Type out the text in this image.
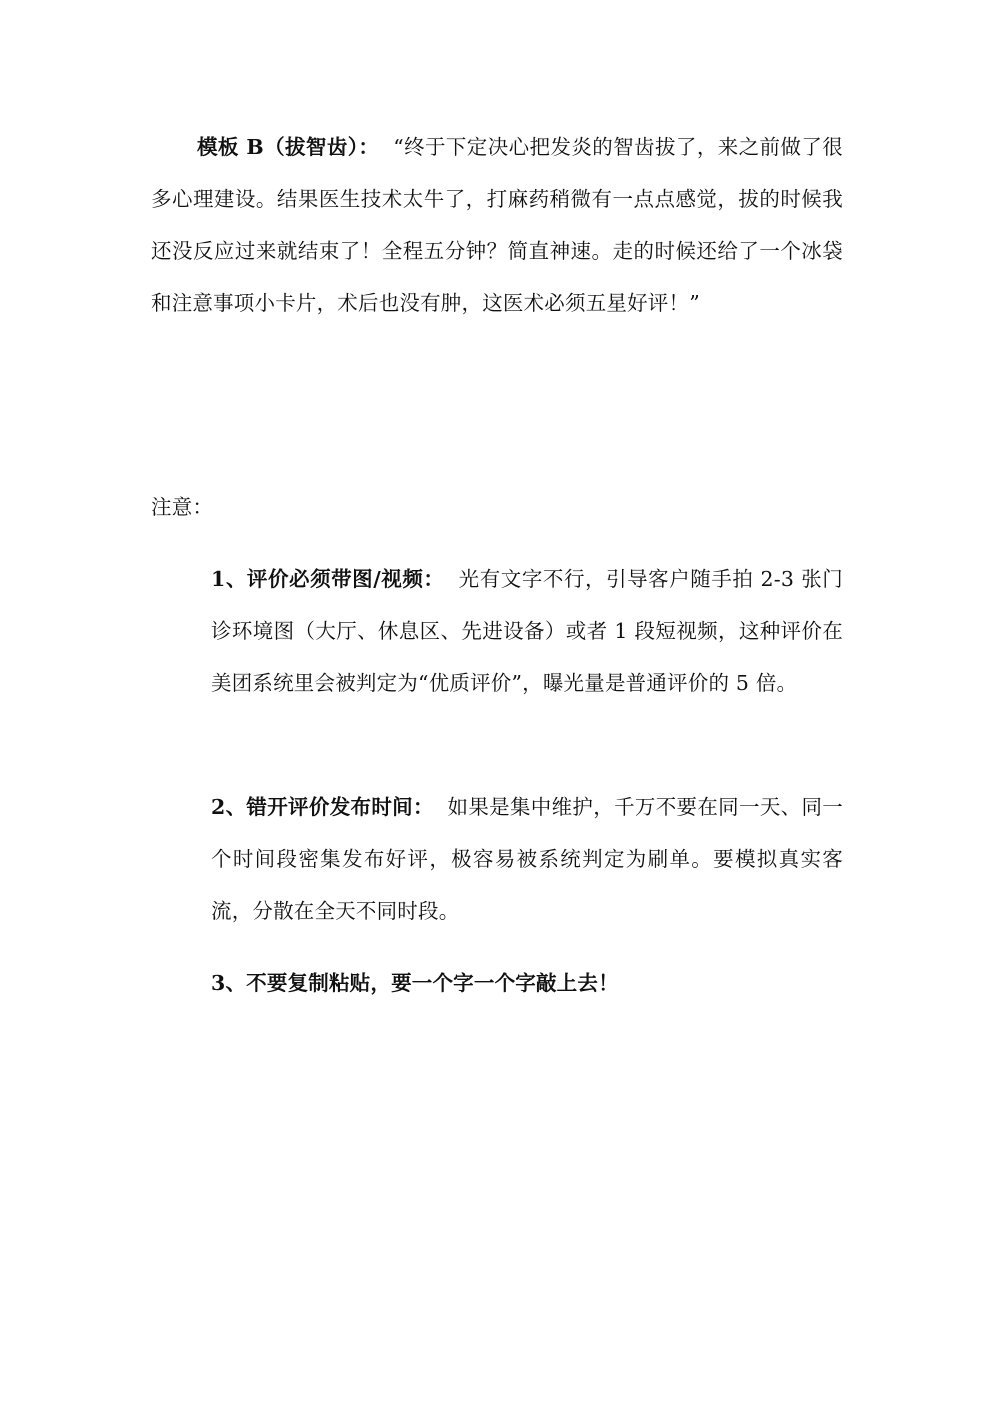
模板 B（拔智齿）： “终于下定决心把发炎的智齿拔了，来之前做了很多心理建设。结果医生技术太牛了，打麻药稍微有一点点感觉，拔的时候我还没反应过来就结束了！全程五分钟？简直神速。走的时候还给了一个冰袋和注意事项小卡片，术后也没有肿，这医术必须五星好评！”

注意：

1、评价必须带图/视频： 光有文字不行，引导客户随手拍 2-3 张门诊环境图（大厅、休息区、先进设备）或者 1 段短视频，这种评价在美团系统里会被判定为“优质评价”，曝光量是普通评价的 5 倍。

2、错开评价发布时间： 如果是集中维护，千万不要在同一天、同一个时间段密集发布好评，极容易被系统判定为刷单。要模拟真实客流，分散在全天不同时段。

3、不要复制粘贴，要一个字一个字敲上去！
